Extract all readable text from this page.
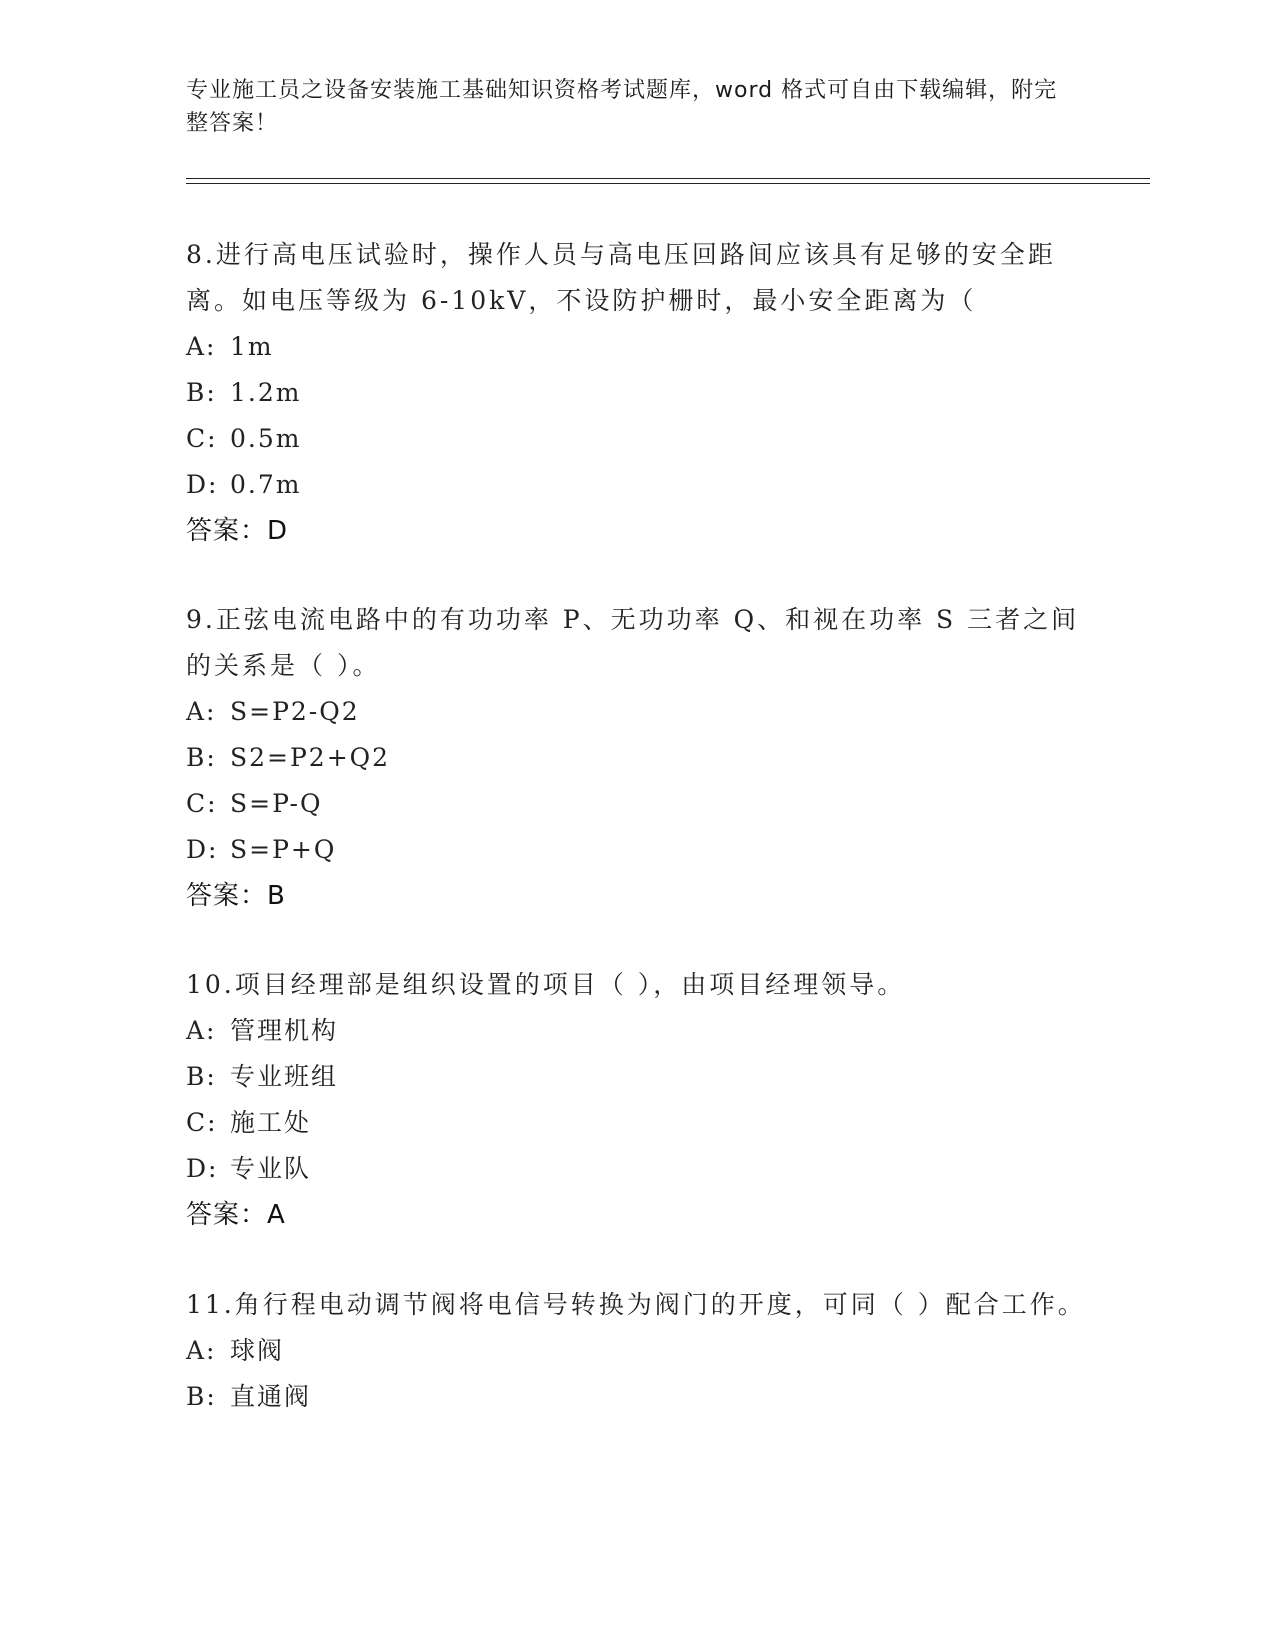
专业施工员之设备安装施工基础知识资格考试题库，word 格式可自由下载编辑，附完整答案！
8.进行高电压试验时，操作人员与高电压回路间应该具有足够的安全距离。如电压等级为 6-10kV，不设防护栅时，最小安全距离为（
A: 1m
B: 1.2m
C: 0.5m
D: 0.7m
答案：D
9.正弦电流电路中的有功功率 P、无功功率 Q、和视在功率 S 三者之间的关系是（ ）。
A: S=P2-Q2
B: S2=P2+Q2
C: S=P-Q
D: S=P+Q
答案：B
10.项目经理部是组织设置的项目（ ），由项目经理领导。
A: 管理机构
B: 专业班组
C: 施工处
D: 专业队
答案：A
11.角行程电动调节阀将电信号转换为阀门的开度，可同（ ）配合工作。
A: 球阀
B: 直通阀
